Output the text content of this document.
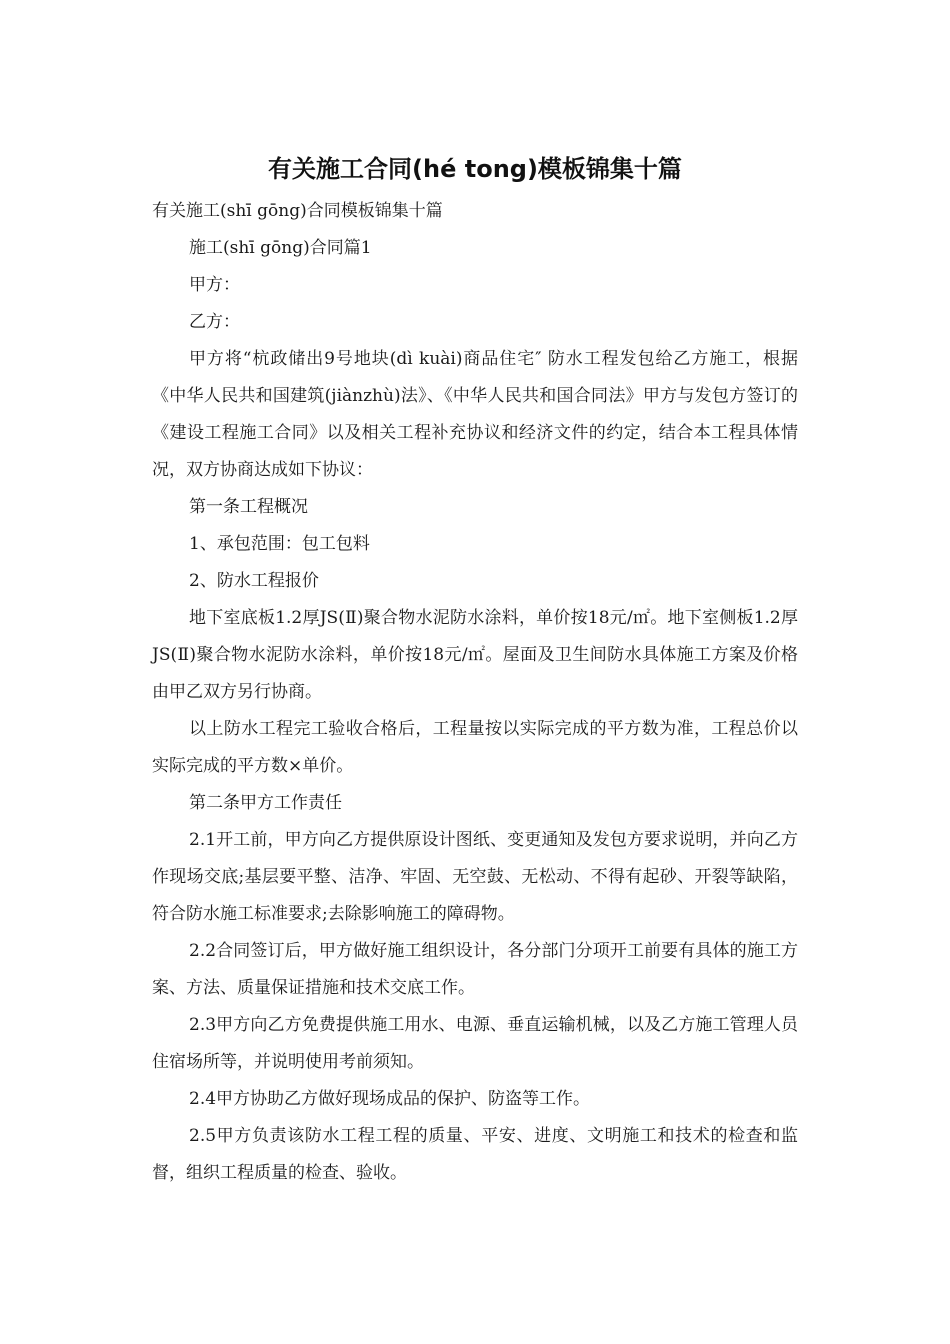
有关施工合同(hé tong)模板锦集十篇

有关施工(shī gōng)合同模板锦集十篇

施工(shī gōng)合同篇1

甲方：

乙方：

甲方将“杭政储出9号地块(dì kuài)商品住宅″ 防水工程发包给乙方施工，根据《中华人民共和国建筑(jiànzhù)法》、《中华人民共和国合同法》甲方与发包方签订的《建设工程施工合同》以及相关工程补充协议和经济文件的约定，结合本工程具体情况，双方协商达成如下协议：

第一条工程概况

1、承包范围：包工包料

2、防水工程报价

地下室底板1.2厚JS(Ⅱ)聚合物水泥防水涂料，单价按18元/㎡。地下室侧板1.2厚JS(Ⅱ)聚合物水泥防水涂料，单价按18元/㎡。屋面及卫生间防水具体施工方案及价格由甲乙双方另行协商。

以上防水工程完工验收合格后，工程量按以实际完成的平方数为准，工程总价以实际完成的平方数×单价。

第二条甲方工作责任

2.1开工前，甲方向乙方提供原设计图纸、变更通知及发包方要求说明，并向乙方作现场交底;基层要平整、洁净、牢固、无空鼓、无松动、不得有起砂、开裂等缺陷，符合防水施工标准要求;去除影响施工的障碍物。

2.2合同签订后，甲方做好施工组织设计，各分部门分项开工前要有具体的施工方案、方法、质量保证措施和技术交底工作。

2.3甲方向乙方免费提供施工用水、电源、垂直运输机械，以及乙方施工管理人员住宿场所等，并说明使用考前须知。

2.4甲方协助乙方做好现场成品的保护、防盗等工作。

2.5甲方负责该防水工程工程的质量、平安、进度、文明施工和技术的检查和监督，组织工程质量的检查、验收。
